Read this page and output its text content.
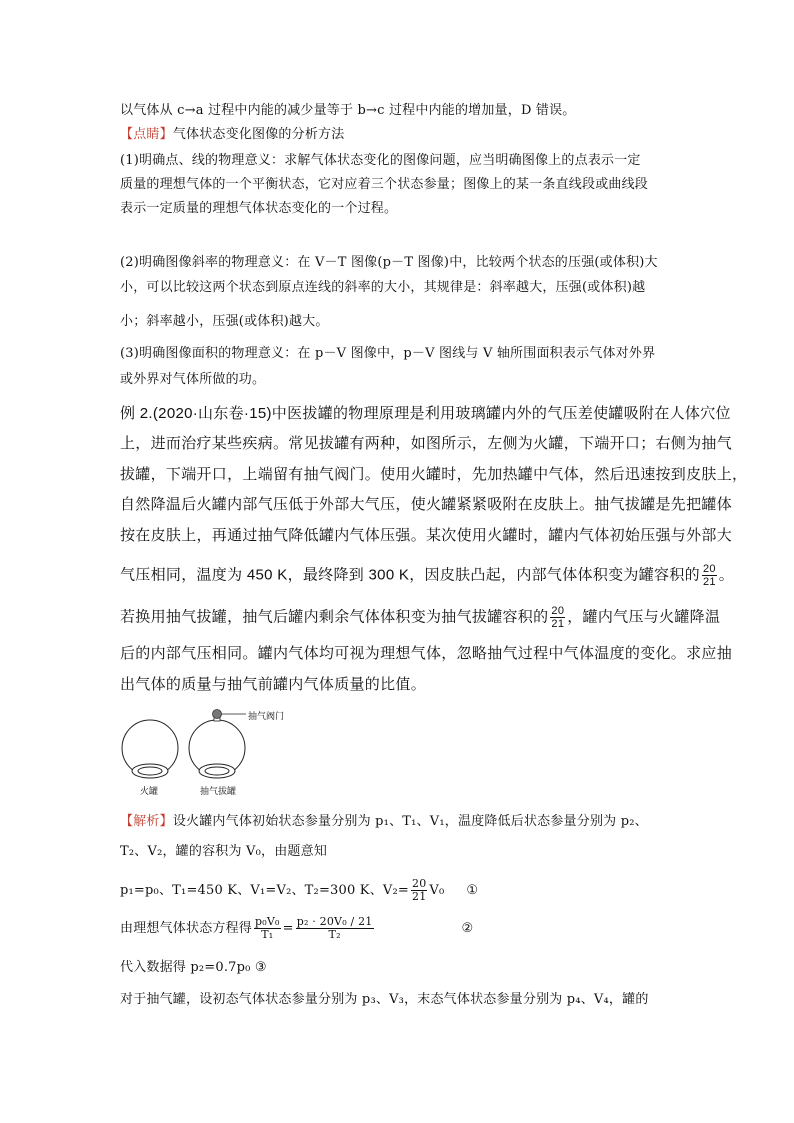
以气体从 c→a 过程中内能的减少量等于 b→c 过程中内能的增加量，D 错误。
【点睛】气体状态变化图像的分析方法
(1)明确点、线的物理意义：求解气体状态变化的图像问题，应当明确图像上的点表示一定
质量的理想气体的一个平衡状态，它对应着三个状态参量；图像上的某一条直线段或曲线段
表示一定质量的理想气体状态变化的一个过程。
(2)明确图像斜率的物理意义：在 V－T 图像(p－T 图像)中，比较两个状态的压强(或体积)大
小，可以比较这两个状态到原点连线的斜率的大小，其规律是：斜率越大，压强(或体积)越
小；斜率越小，压强(或体积)越大。
(3)明确图像面积的物理意义：在 p－V 图像中，p－V 图线与 V 轴所围面积表示气体对外界
或外界对气体所做的功。
例 2.(2020·山东卷·15)中医拔罐的物理原理是利用玻璃罐内外的气压差使罐吸附在人体穴位
上，进而治疗某些疾病。常见拔罐有两种，如图所示，左侧为火罐，下端开口；右侧为抽气
拔罐，下端开口，上端留有抽气阀门。使用火罐时，先加热罐中气体，然后迅速按到皮肤上，
自然降温后火罐内部气压低于外部大气压，使火罐紧紧吸附在皮肤上。抽气拔罐是先把罐体
按在皮肤上，再通过抽气降低罐内气体压强。某次使用火罐时，罐内气体初始压强与外部大
气压相同，温度为 450 K，最终降到 300 K，因皮肤凸起，内部气体体积变为罐容积的 $\frac{20}{21}$ 。
若换用抽气拔罐，抽气后罐内剩余气体体积变为抽气拔罐容积的 $\frac{20}{21}$ ，罐内气压与火罐降温
后的内部气压相同。罐内气体均可视为理想气体，忽略抽气过程中气体温度的变化。求应抽
出气体的质量与抽气前罐内气体质量的比值。
抽气阀门
火罐	抽气拔罐
【解析】设火罐内气体初始状态参量分别为 p₁、T₁、V₁，温度降低后状态参量分别为 p₂、
T₂、V₂，罐的容积为 V₀，由题意知
p₁=p₀、T₁=450 K、V₁=V₂、T₂=300 K、$V_2= \frac{20}{21} V_0$ ①
由理想气体状态方程得 $\frac{\text{p₀V₀}}{\text{T₁}} = \frac{\text{p₂ · 20V₀ / 21}}{\text{T₂}}$	②
代入数据得 p₂=0.7p₀ ③
对于抽气罐，设初态气体状态参量分别为 p₃、V₃，末态气体状态参量分别为 p₄、V₄，罐的
